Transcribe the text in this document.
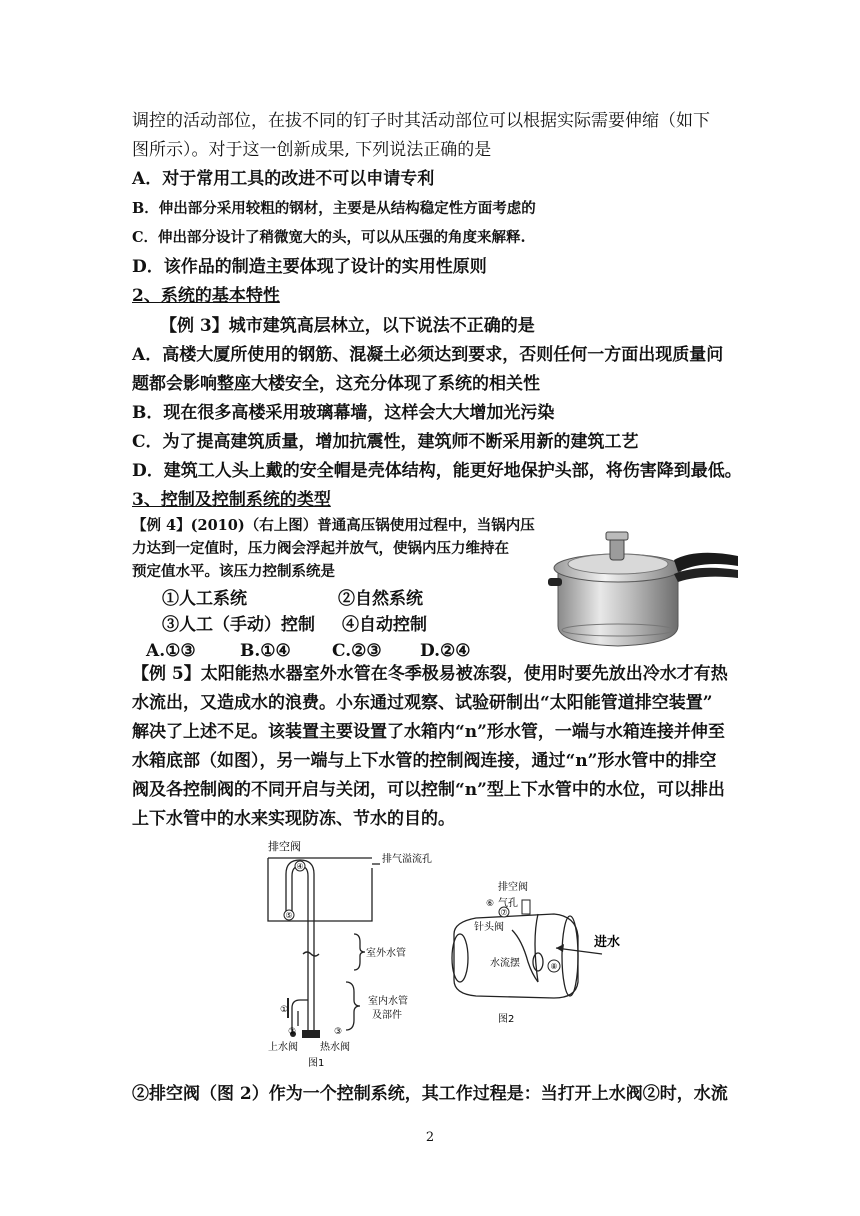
调控的活动部位，在拔不同的钉子时其活动部位可以根据实际需要伸缩（如下
图所示）。对于这一创新成果, 下列说法正确的是
A．对于常用工具的改进不可以申请专利
B．伸出部分采用较粗的钢材，主要是从结构稳定性方面考虑的
C．伸出部分设计了稍微宽大的头，可以从压强的角度来解释.
D．该作品的制造主要体现了设计的实用性原则
2、系统的基本特性
【例 3】城市建筑高层林立，以下说法不正确的是
A．高楼大厦所使用的钢筋、混凝土必须达到要求，否则任何一方面出现质量问
题都会影响整座大楼安全，这充分体现了系统的相关性
B．现在很多高楼采用玻璃幕墙，这样会大大增加光污染
C．为了提高建筑质量，增加抗震性，建筑师不断采用新的建筑工艺
D．建筑工人头上戴的安全帽是壳体结构，能更好地保护头部，将伤害降到最低。
3、控制及控制系统的类型
【例 4】(2010)（右上图）普通高压锅使用过程中，当锅内压
力达到一定值时，压力阀会浮起并放气，使锅内压力维持在
预定值水平。该压力控制系统是
①人工系统	②自然系统
③人工（手动）控制 ④自动控制
A.①③	B.①④ C.②③ D.②④
【例 5】太阳能热水器室外水管在冬季极易被冻裂，使用时要先放出冷水才有热
水流出，又造成水的浪费。小东通过观察、试验研制出“太阳能管道排空装置”
解决了上述不足。该装置主要设置了水箱内“n”形水管，一端与水箱连接并伸至
水箱底部（如图），另一端与上下水管的控制阀连接，通过“n”形水管中的排空
阀及各控制阀的不同开启与关闭，可以控制“n”型上下水管中的水位，可以排出
上下水管中的水来实现防冻、节水的目的。
④
⑤
排空阀
排气溢流孔
室外水管
室内水管
及部件
①
②	③
上水阀 热水阀
图1
⑦
⑧
排空阀
⑥ 气孔
针头阀
水流摆
进水
图2
②排空阀（图 2）作为一个控制系统，其工作过程是：当打开上水阀②时，水流
2
